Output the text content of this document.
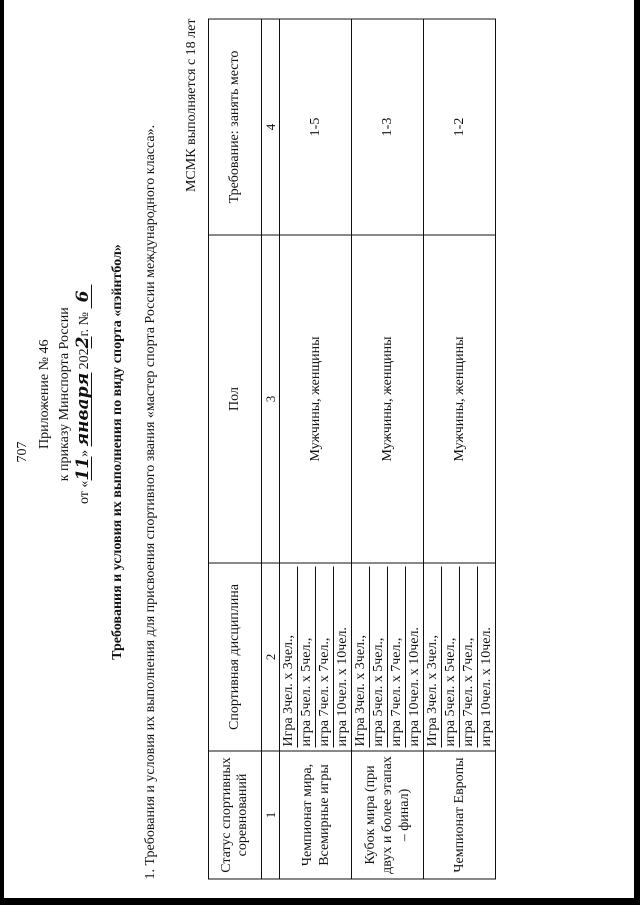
707
Приложение № 46 к приказу Минспорта России
от «11» января 2022г. № 6 Требования и условия их выполнения по виду спорта «пэйнтбол» 1. Требования и условия их выполнения для присвоения спортивного звания «мастер спорта России международного класса».
МСМК выполняется с 18 лет
Статус спортивных соревнований	Спортивная дисциплина	Пол	Требование: занять место
1	2	3	4
Чемпионат мира, Всемирные игры	Игра 3чел. х 3чел., игра 5чел. х 5чел., игра 7чел. х 7чел., игра 10чел. х 10чел.	Мужчины, женщины	1-5
Кубок мира (при двух и более этапах – финал)	Игра 3чел. х 3чел., игра 5чел. х 5чел., игра 7чел. х 7чел., игра 10чел. х 10чел.	Мужчины, женщины	1-3
Чемпионат Европы	Игра 3чел. х 3чел., игра 5чел. х 5чел., игра 7чел. х 7чел., игра 10чел. х 10чел.	Мужчины, женщины	1-2
